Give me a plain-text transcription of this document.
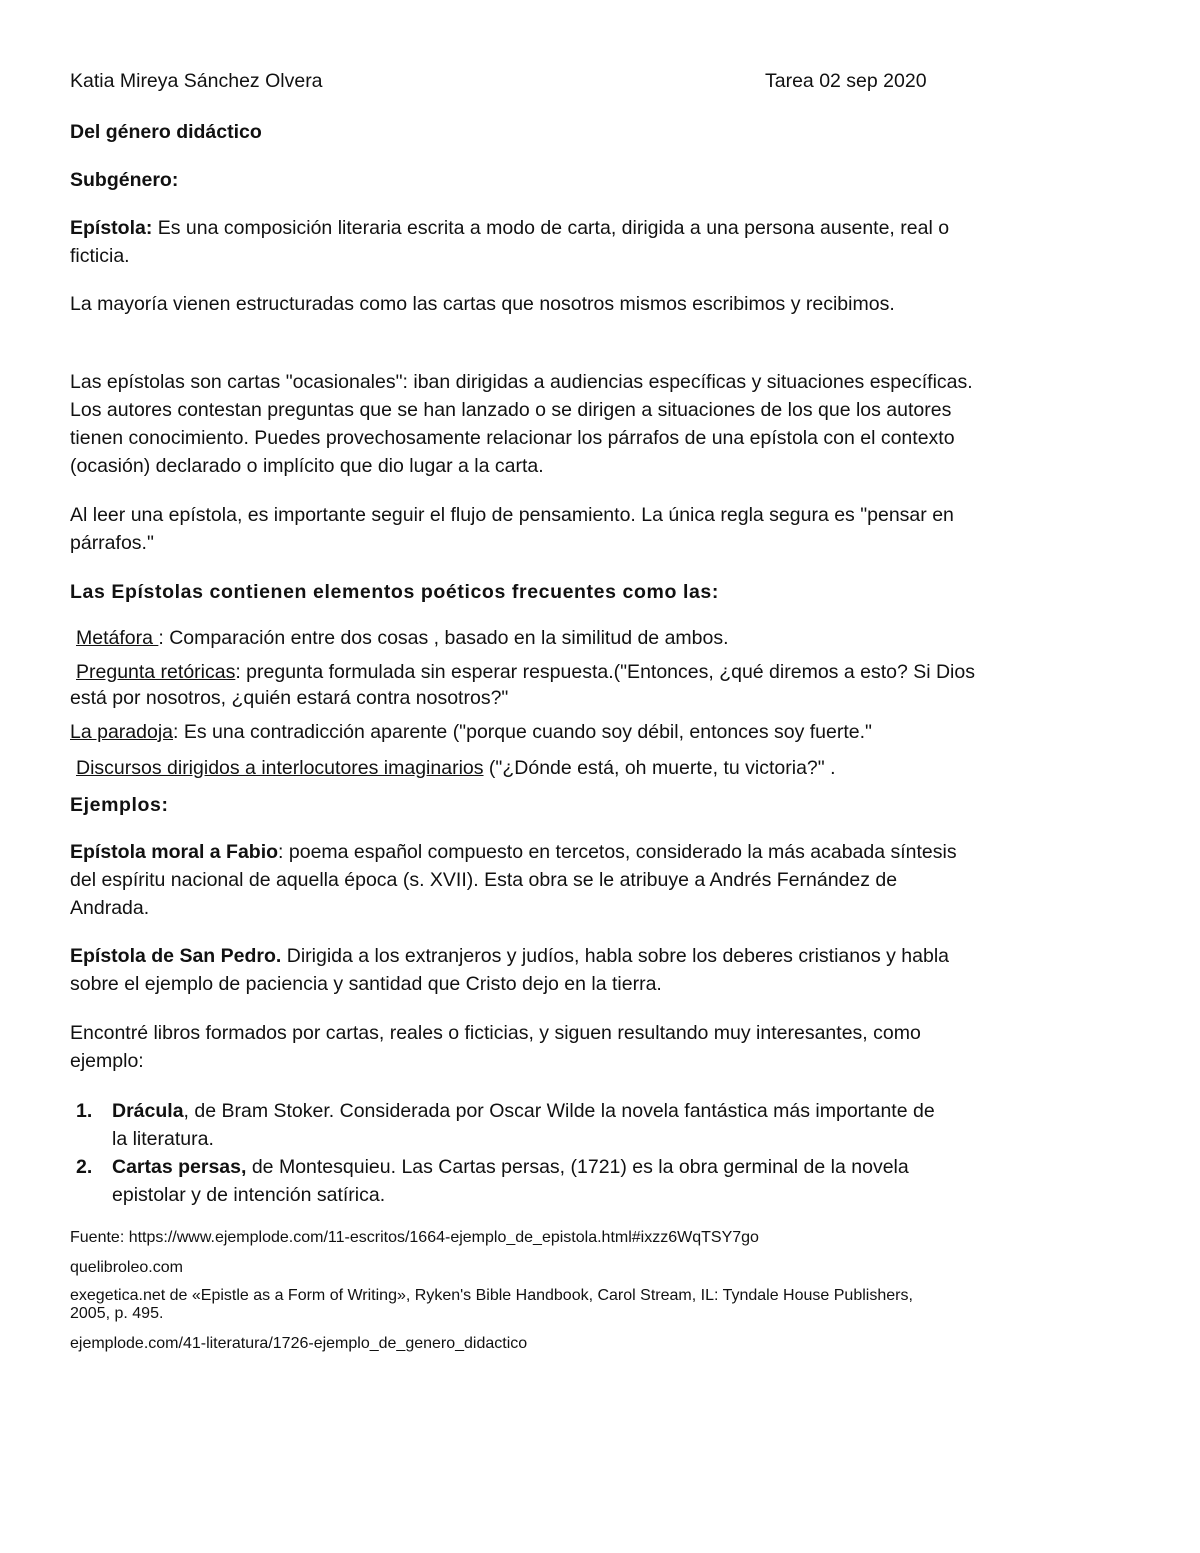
Katia Mireya Sánchez Olvera	Tarea 02 sep 2020

Del género didáctico

Subgénero:

Epístola: Es una composición literaria escrita a modo de carta, dirigida a una persona ausente, real o ficticia.

La mayoría vienen estructuradas como las cartas que nosotros mismos escribimos y recibimos.

Las epístolas son cartas "ocasionales": iban dirigidas a audiencias específicas y situaciones específicas. Los autores contestan preguntas que se han lanzado o se dirigen a situaciones de los que los autores tienen conocimiento. Puedes provechosamente relacionar los párrafos de una epístola con el contexto (ocasión) declarado o implícito que dio lugar a la carta.

Al leer una epístola, es importante seguir el flujo de pensamiento. La única regla segura es "pensar en párrafos."

Las Epístolas contienen elementos poéticos frecuentes como las:

Metáfora : Comparación entre dos cosas , basado en la similitud de ambos.

Pregunta retóricas: pregunta formulada sin esperar respuesta.("Entonces, ¿qué diremos a esto? Si Dios está por nosotros, ¿quién estará contra nosotros?"

La paradoja: Es una contradicción aparente ("porque cuando soy débil, entonces soy fuerte."

Discursos dirigidos a interlocutores imaginarios ("¿Dónde está, oh muerte, tu victoria?" .

Ejemplos:

Epístola moral a Fabio: poema español compuesto en tercetos, considerado la más acabada síntesis del espíritu nacional de aquella época (s. XVII). Esta obra se le atribuye a Andrés Fernández de Andrada.

Epístola de San Pedro. Dirigida a los extranjeros y judíos, habla sobre los deberes cristianos y habla sobre el ejemplo de paciencia y santidad que Cristo dejo en la tierra.

Encontré libros formados por cartas, reales o ficticias, y siguen resultando muy interesantes, como ejemplo:

1. Drácula, de Bram Stoker. Considerada por Oscar Wilde la novela fantástica más importante de la literatura.
2. Cartas persas, de Montesquieu. Las Cartas persas, (1721) es la obra germinal de la novela epistolar y de intención satírica.

Fuente: https://www.ejemplode.com/11-escritos/1664-ejemplo_de_epistola.html#ixzz6WqTSY7go

quelibroleo.com

exegetica.net de «Epistle as a Form of Writing», Ryken's Bible Handbook, Carol Stream, IL: Tyndale House Publishers, 2005, p. 495.

ejemplode.com/41-literatura/1726-ejemplo_de_genero_didactico
